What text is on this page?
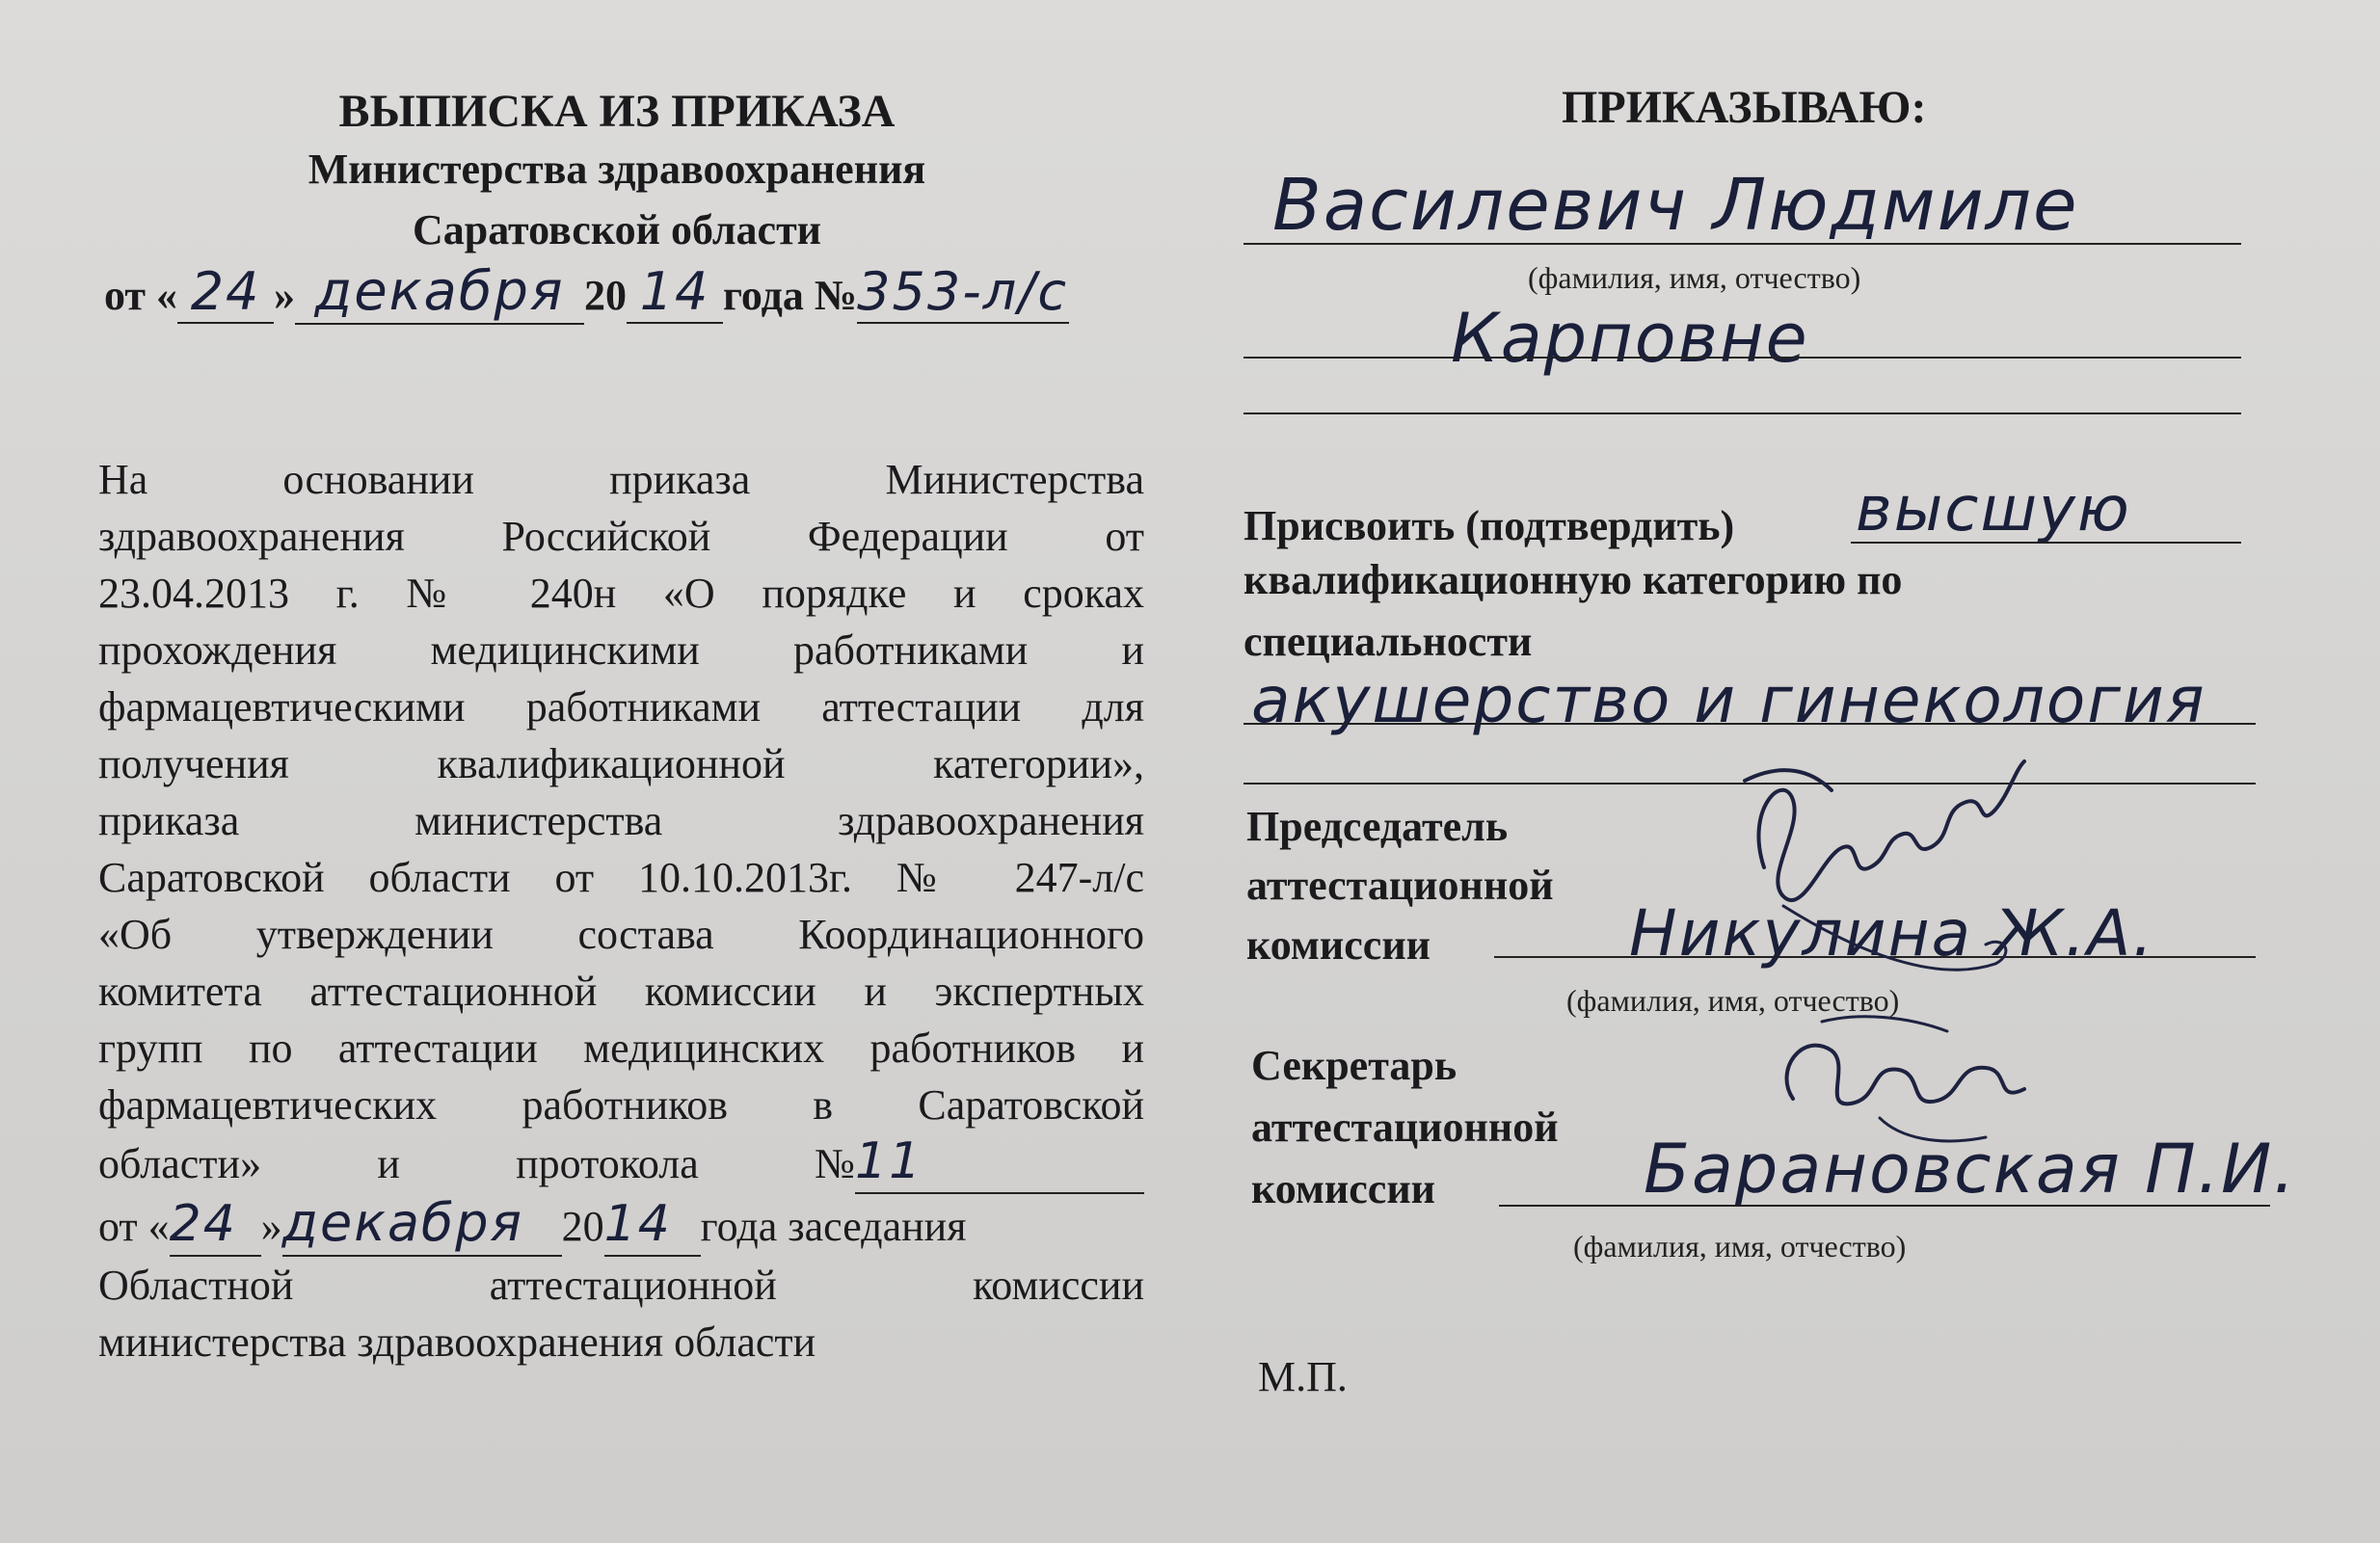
ВЫПИСКА ИЗ ПРИКАЗА
Министерства здравоохранения
Саратовской области
от « 24 » декабря 20 14 года №353-л/с
На основании приказа Министерства
здравоохранения Российской Федерации от
23.04.2013 г. № 240н «О порядке и сроках
прохождения медицинскими работниками и
фармацевтическими работниками аттестации для
получения квалификационной категории»,
приказа министерства здравоохранения
Саратовской области от 10.10.2013г. № 247-л/с
«Об утверждении состава Координационного
комитета аттестационной комиссии и экспертных
групп по аттестации медицинских работников и
фармацевтических работников в Саратовской
области» и протокола № 11
от « 24 » декабря 20 14 года заседания
Областной аттестационной комиссии
министерства здравоохранения области
ПРИКАЗЫВАЮ:
Василевич Людмиле
(фамилия, имя, отчество)
Карповне
Присвоить (подтвердить) высшую
квалификационную категорию по
специальности
акушерство и гинекология
Председатель
аттестационной
комиссии	Никулина Ж.А.
(фамилия, имя, отчество)
Секретарь
аттестационной
комиссии	Барановская П.И.
(фамилия, имя, отчество)
М.П.
